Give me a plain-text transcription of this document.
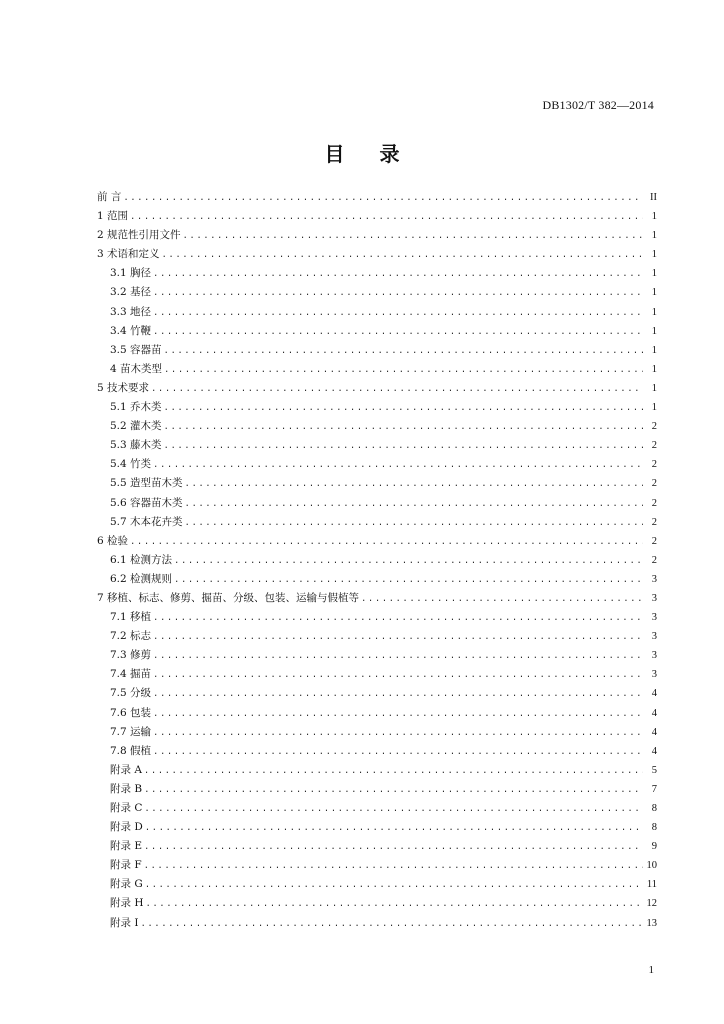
DB1302/T 382—2014
目 录
前 言 .....	II
1 范围 .....	1
2 规范性引用文件 .....	1
3 术语和定义 .....	1
3.1 胸径 .....	1
3.2 基径 .....	1
3.3 地径 .....	1
3.4 竹鞭 .....	1
3.5 容器苗 .....	1
4 苗木类型 .....	1
5 技术要求 .....	1
5.1 乔木类 .....	1
5.2 灌木类 .....	2
5.3 藤木类 .....	2
5.4 竹类 .....	2
5.5 造型苗木类 .....	2
5.6 容器苗木类 .....	2
5.7 木本花卉类 .....	2
6 检验 .....	2
6.1 检测方法 .....	2
6.2 检测规则 .....	3
7 移植、标志、修剪、掘苗、分级、包装、运输与假植等 .....	3
7.1 移植 .....	3
7.2 标志 .....	3
7.3 修剪 .....	3
7.4 掘苗 .....	3
7.5 分级 .....	4
7.6 包装 .....	4
7.7 运输 .....	4
7.8 假植 .....	4
附录 A .....	5
附录 B .....	7
附录 C .....	8
附录 D .....	8
附录 E .....	9
附录 F .....	10
附录 G .....	11
附录 H .....	12
附录 I .....	13
1
